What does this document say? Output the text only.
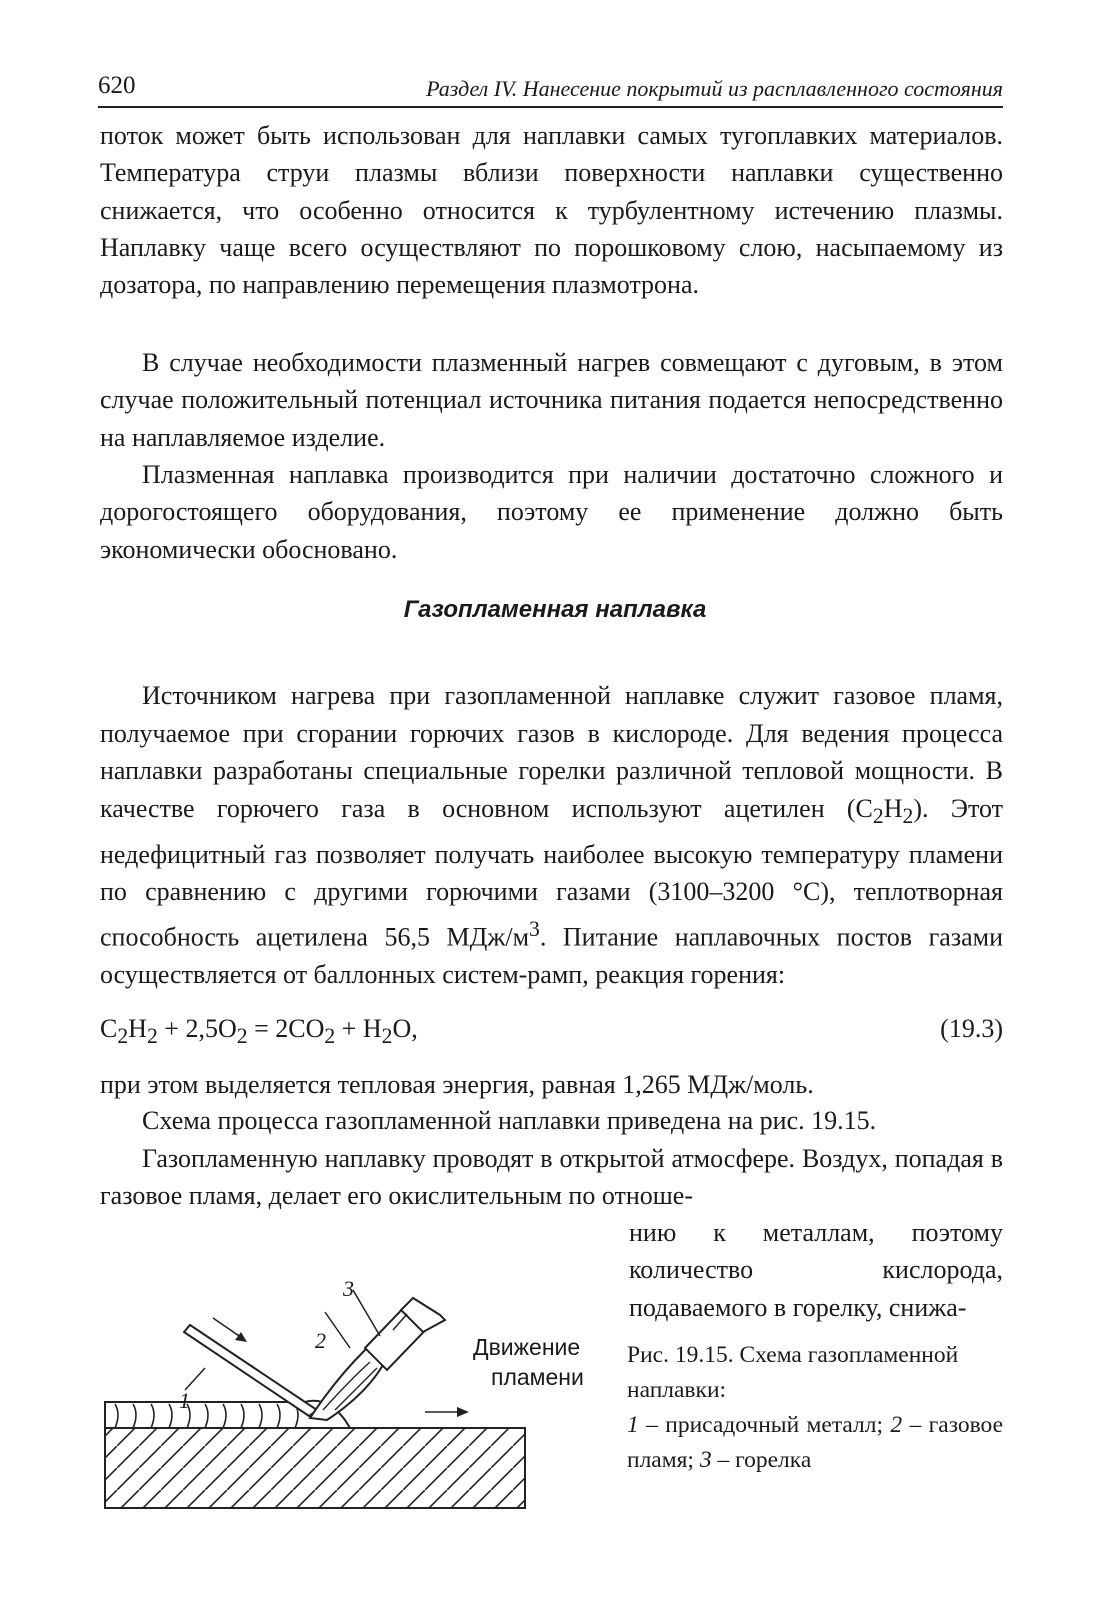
620	Раздел IV. Нанесение покрытий из расплавленного состояния

поток может быть использован для наплавки самых тугоплавких материалов. Температура струи плазмы вблизи поверхности наплавки существенно снижается, что особенно относится к турбулентному истечению плазмы. Наплавку чаще всего осуществляют по порошковому слою, насыпаемому из дозатора, по направлению перемещения плазмотрона.

В случае необходимости плазменный нагрев совмещают с дуговым, в этом случае положительный потенциал источника питания подается непосредственно на наплавляемое изделие.

Плазменная наплавка производится при наличии достаточно сложного и дорогостоящего оборудования, поэтому ее применение должно быть экономически обосновано.

Газопламенная наплавка

Источником нагрева при газопламенной наплавке служит газовое пламя, получаемое при сгорании горючих газов в кислороде. Для ведения процесса наплавки разработаны специальные горелки различной тепловой мощности. В качестве горючего газа в основном используют ацетилен $(C_2H_2)$. Этот недефицитный газ позволяет получать наиболее высокую температуру пламени по сравнению с другими горючими газами (3100–3200 °С), теплотворная способность ацетилена 56,5 МДж/$м^3$. Питание наплавочных постов газами осуществляется от баллонных систем-рамп, реакция горения:

$C_2H_2 + 2,5O_2 = 2CO_2 + H_2O$,	(19.3)

при этом выделяется тепловая энергия, равная 1,265 МДж/моль.

Схема процесса газопламенной наплавки приведена на рис. 19.15.

Газопламенную наплавку проводят в открытой атмосфере. Воздух, попадая в газовое пламя, делает его окислительным по отноше-

нию к металлам, поэтому количество кислорода, подаваемого в горелку, снижа-

1
2
3
Движение
пламени

Рис. 19.15. Схема газопламенной наплавки:
1 – присадочный металл; 2 – газовое пламя; 3 – горелка
